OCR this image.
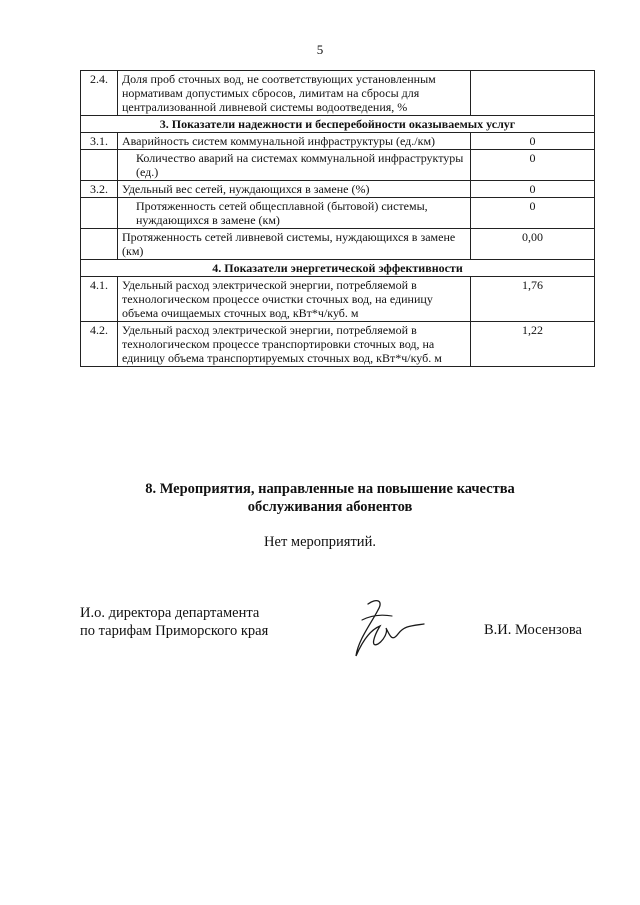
5
2.4.	Доля проб сточных вод, не соответствующих установленным нормативам допустимых сбросов, лимитам на сбросы для централизованной ливневой системы водоотведения, %	
3. Показатели надежности и бесперебойности оказываемых услуг		
3.1.	Аварийность систем коммунальной инфраструктуры (ед./км)	0
	Количество аварий на системах коммунальной инфраструктуры (ед.)	0
3.2.	Удельный вес сетей, нуждающихся в замене (%)	0
	Протяженность сетей общесплавной (бытовой) системы, нуждающихся в замене (км)	0
	Протяженность сетей ливневой системы, нуждающихся в замене (км)	0,00
4. Показатели энергетической эффективности		
4.1.	Удельный расход электрической энергии, потребляемой в технологическом процессе очистки сточных вод, на единицу объема очищаемых сточных вод, кВт*ч/куб. м	1,76
4.2.	Удельный расход электрической энергии, потребляемой в технологическом процессе транспортировки сточных вод, на единицу объема транспортируемых сточных вод, кВт*ч/куб. м	1,22
8. Мероприятия, направленные на повышение качества
обслуживания абонентов
Нет мероприятий.
И.о. директора департамента
по тарифам Приморского края	В.И. Мосензова
